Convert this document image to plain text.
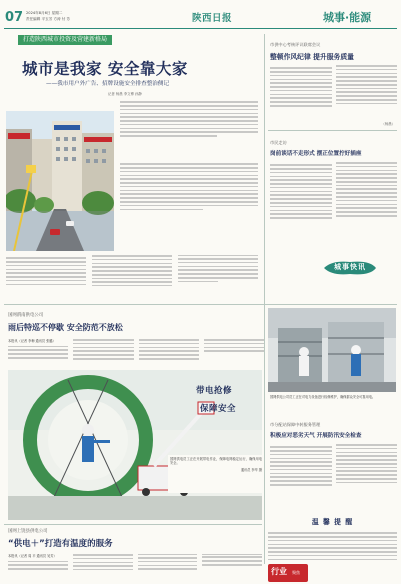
07 2024年8月6日 星期二
责任编辑 平玉芳 方涛 付 芳	陕西日报	城事·能源
打造陕西城市投资及营建新格局
城市是我家 安全靠大家
——我市用户外广告、招牌设施安全排查整治侧记
记者 杨晨 李文博 孙静
市供中心考核评议联席会议
整顿作风纪律 提升服务质量
（杨晨）
市民走访
岗前谈话不走形式 摆正位置拧好插座
城事快讯
国网渭南供电公司
雨后特巡不停歇 安全防范不放松
本报讯（记者 李梅 通讯员 张璐）
国网供电公司员工正在对电力设备进行检修维护，确保群众安全可靠用电。
带电抢修
保障安全
国网供电员工正在开展带电作业，保障电网稳定运行，确保用电安全。
通讯员 李华 摄
市分配站保障中转服务管理
积极应对恶劣天气 开展防汛安全检查
国网上饶县供电公司
“供电＋”打造有温度的服务
本报讯（记者 周 平 通讯员 吴芳）
温 馨 提 醒
行业 聚焦
